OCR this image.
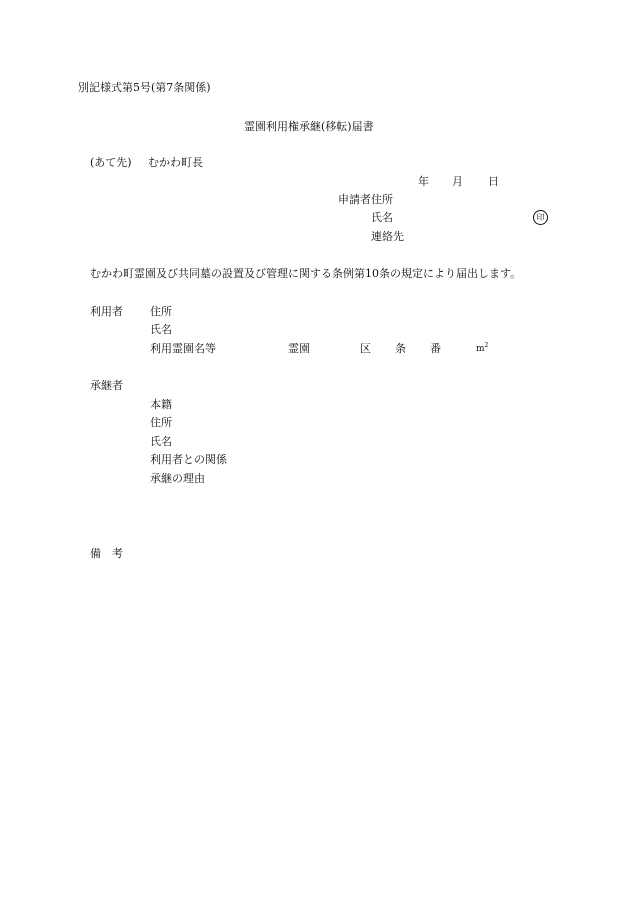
別記様式第5号(第7条関係)
霊園利用権承継(移転)届書
(あて先) むかわ町長
年 月 日
申請者住所
氏名	印
連絡先
むかわ町霊園及び共同墓の設置及び管理に関する条例第10条の規定により届出します。
利用者 住所
氏名
利用霊園名等	霊園	区 条 番	$m^2$
承継者
本籍
住所
氏名
利用者との関係
承継の理由
備　考
